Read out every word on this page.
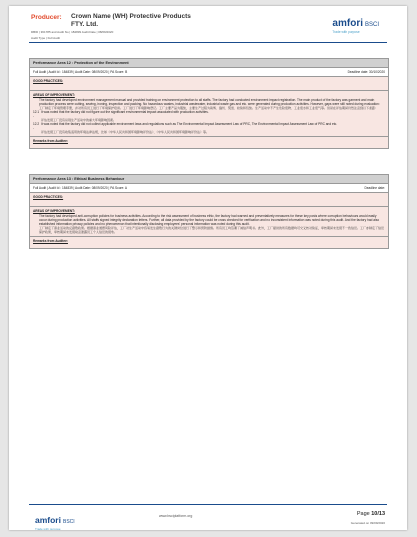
Producer: Crown Name (WH) Protective Products FTY. Ltd.	amfori BSCI
Trade with purpose
DBID | 361785 and Audit No | 184839 Audit Date | 08/09/2020
Audit Type | Full Audit
Performance Area 12 : Protection of the Environment
Full Audit | Audit Id : 184839 | Audit Date: 08/09/2020 | PA Score: B	Deadline date: 30/10/2020
GOOD PRACTICES:
AREAS OF IMPROVEMENT:
The factory had developed environment management manual and provided training on environment protection to all staffs. The factory had conducted environment impact registration. The main product of the factory was garment and main production process were cutting, sewing, ironing, inspection and packing. No hazardous wastes, industrial wastewater, industrial waste gas and etc. were generated during production activities. However, gaps were still noted during evaluation:
工厂制定了环境管理手册，并对所有员工进行了环境保护培训。工厂进行了环境影响登记。工厂主要产品为服装，主要生产过程为裁剪、缝纫、熨烫、检验和包装。生产活动中不产生危险废物、工业废水和工业废气等。但是在评估期间仍然注意到以下差距：
12.1 -
It was noted that the factory did not figure out the significant environmental impact associated with production activities.
评估发现工厂没有识别生产活动中的重大环境影响因素。
12.2 -
It was noted that the factory did not collect applicable environment laws and regulations such as The Environmental Impact Assessment Law of PRC, The Environmental Impact Assessment Law of PRC and etc.
评估发现工厂没有收集适用的环境法律法规，比如《中华人民共和国环境影响评价法》、《中华人民共和国环境影响评价法》等。
Remarks from Auditee:
Performance Area 13 : Ethical Business Behaviour
Full Audit | Audit Id : 184839 | Audit Date: 08/09/2020 | PA Score: A	Deadline date:
GOOD PRACTICES:
AREAS OF IMPROVEMENT:
The factory had developed anti-corruption policies for business activities. According to the risk assessment of business ethic, the factory had warned and preventatively measures for these key posts where corruption behaviours would easily occur during production activities. All staffs signed integrity declaration letters. Further, all data provided by the factory could be cross checked for verification and no inconsistent information was noted during this audit. And the factory had also established information privacy policies and no phenomenon that intentionally disclosing employees' personal information was noted during this audit.
工厂制定了商业活动的反腐败政策。根据商业道德风险评估，工厂对生产活动中容易发生腐败行为的关键岗位进行了警示和预防措施。所有员工均签署了诚信声明书。此外，工厂提供的所有数据均可交叉核对验证，审核期间未发现不一致信息。工厂亦制定了信息保护政策，审核期间未发现故意泄露员工个人信息的现象。
Remarks from Auditee:
amfori BSCI
Trade with purpose
www.bsciplatform.org	Page 10/13
Generated on 09/09/2020
